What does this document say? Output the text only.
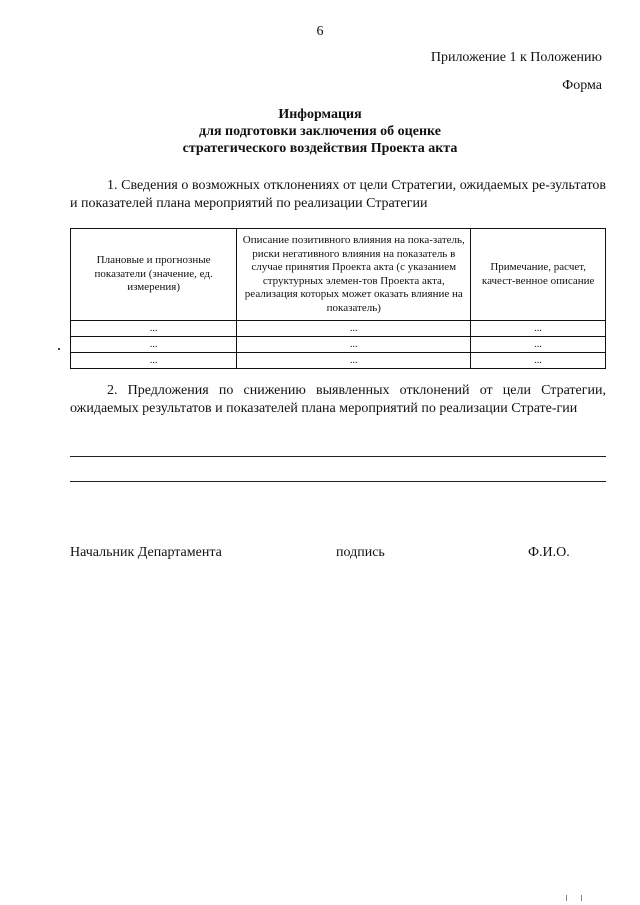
6
Приложение 1 к Положению
Форма
Информация
для подготовки заключения об оценке
стратегического воздействия Проекта акта
1. Сведения о возможных отклонениях от цели Стратегии, ожидаемых ре-зультатов и показателей плана мероприятий по реализации Стратегии
Плановые и прогнозные показатели (значение, ед. измерения)	Описание позитивного влияния на пока-затель, риски негативного влияния на показатель в случае принятия Проекта акта (с указанием структурных элемен-тов Проекта акта, реализация которых может оказать влияние на показатель)	Примечание, расчет, качест-венное описание
...	...	...
...	...	...
...	...	...
2. Предложения по снижению выявленных отклонений от цели Стратегии, ожидаемых результатов и показателей плана мероприятий по реализации Страте-гии
Начальник Департамента	подпись	Ф.И.О.
